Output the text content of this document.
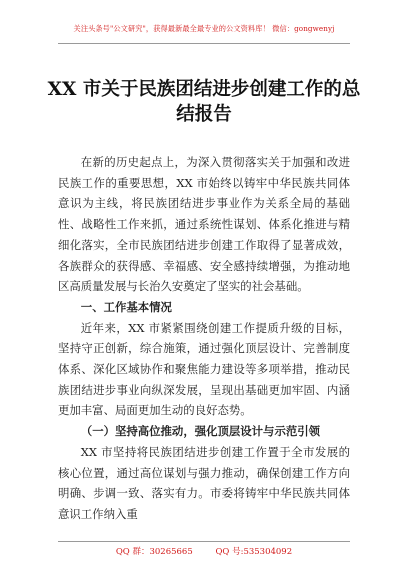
关注头条号"公文研究"，获得最新最全最专业的公文资料库！ 微信：gongwenyj
XX 市关于民族团结进步创建工作的总结报告

在新的历史起点上，为深入贯彻落实关于加强和改进民族工作的重要思想，XX 市始终以铸牢中华民族共同体意识为主线，将民族团结进步事业作为关系全局的基础性、战略性工作来抓，通过系统性谋划、体系化推进与精细化落实，全市民族团结进步创建工作取得了显著成效，各族群众的获得感、幸福感、安全感持续增强，为推动地区高质量发展与长治久安奠定了坚实的社会基础。

一、工作基本情况

近年来，XX 市紧紧围绕创建工作提质升级的目标，坚持守正创新，综合施策，通过强化顶层设计、完善制度体系、深化区域协作和聚焦能力建设等多项举措，推动民族团结进步事业向纵深发展，呈现出基础更加牢固、内涵更加丰富、局面更加生动的良好态势。

（一）坚持高位推动，强化顶层设计与示范引领

XX 市坚持将民族团结进步创建工作置于全市发展的核心位置，通过高位谋划与强力推动，确保创建工作方向明确、步调一致、落实有力。市委将铸牢中华民族共同体意识工作纳入重

QQ 群：30265665	QQ 号:535304092
